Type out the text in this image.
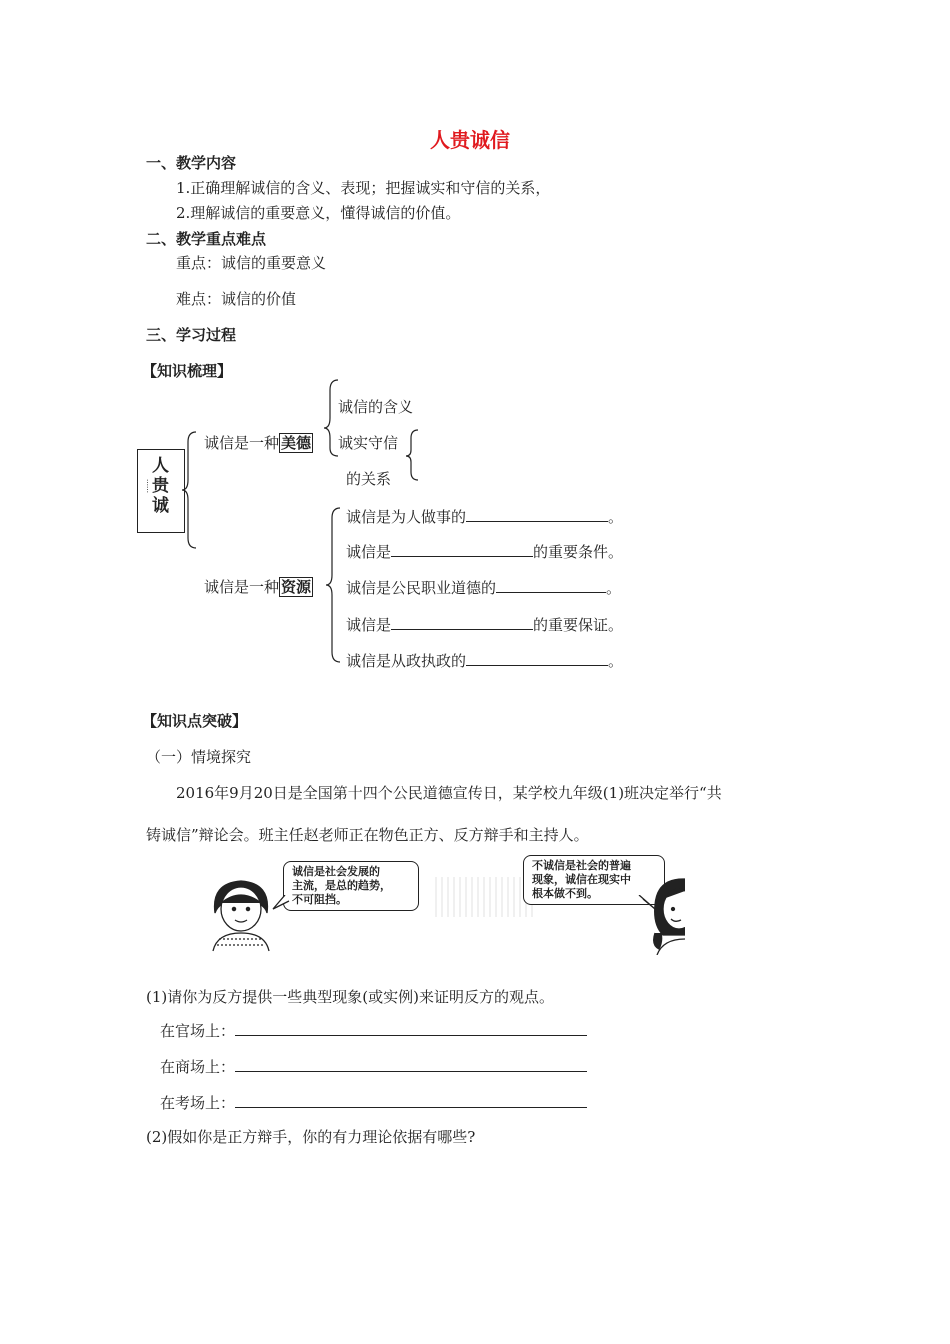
人贵诚信
一、教学内容
1.正确理解诚信的含义、表现；把握诚实和守信的关系，
2.理解诚信的重要意义，懂得诚信的价值。
二、教学重点难点
重点：诚信的重要意义
难点：诚信的价值
三、学习过程
【知识梳理】
人
贵
诚
⋯⋯
诚信是一种 美德
诚信的含义
诚实守信
的关系
诚信是一种 资源
诚信是为人做事的	。
诚信是	的重要条件。
诚信是公民职业道德的	。
诚信是	的重要保证。
诚信是从政执政的	。
【知识点突破】
（一）情境探究
2016年9月20日是全国第十四个公民道德宣传日，某学校九年级(1)班决定举行“共
铸诚信”辩论会。班主任赵老师正在物色正方、反方辩手和主持人。
诚信是社会发展的
主流，是总的趋势，
不可阻挡。
不诚信是社会的普遍
现象，诚信在现实中
根本做不到。
(1)请你为反方提供一些典型现象(或实例)来证明反方的观点。
在官场上：
在商场上：
在考场上：
(2)假如你是正方辩手，你的有力理论依据有哪些?
